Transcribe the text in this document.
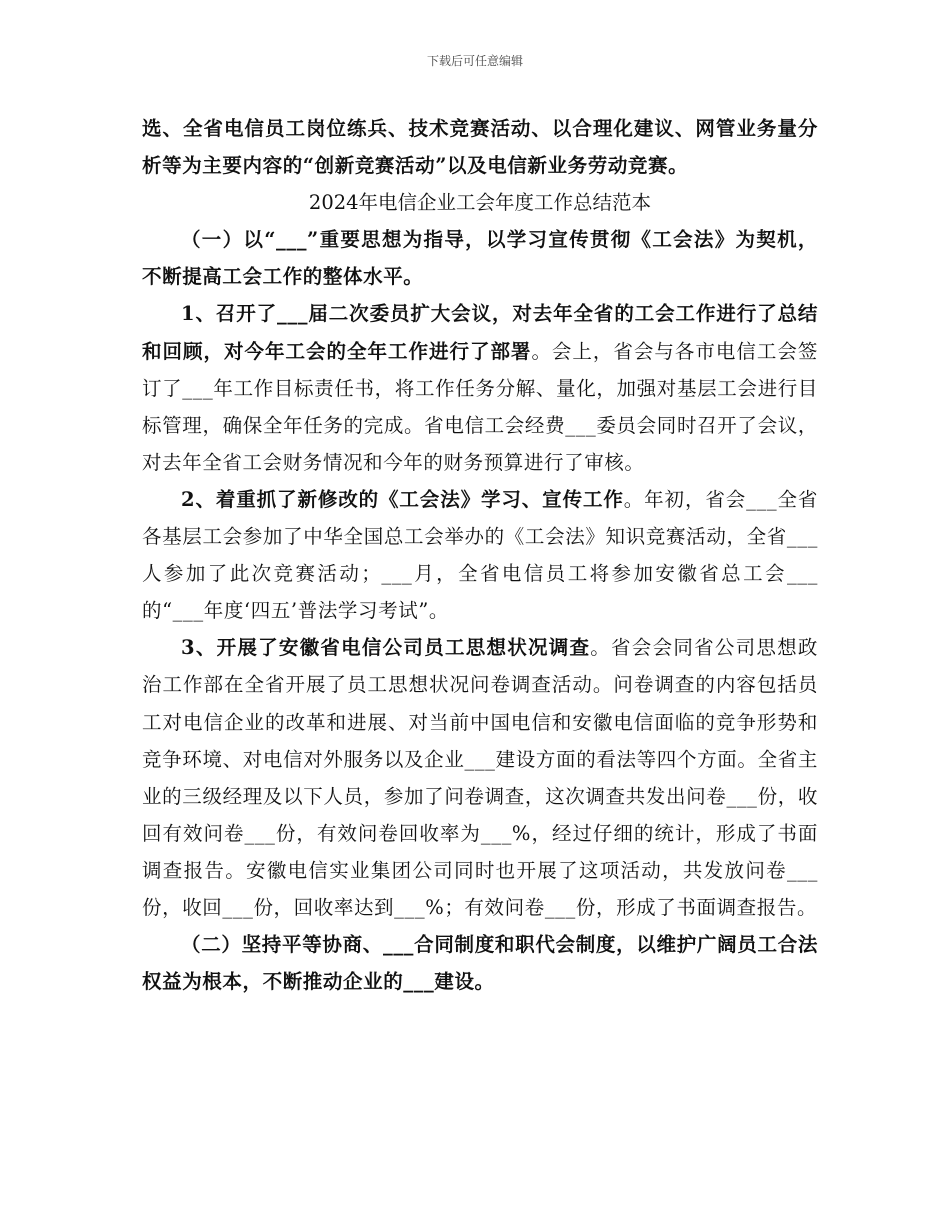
下载后可任意编辑

选、全省电信员工岗位练兵、技术竞赛活动、以合理化建议、网管业务量分析等为主要内容的“创新竞赛活动”以及电信新业务劳动竞赛。

2024年电信企业工会年度工作总结范本

（一）以“___”重要思想为指导，以学习宣传贯彻《工会法》为契机，不断提高工会工作的整体水平。

1、召开了___届二次委员扩大会议，对去年全省的工会工作进行了总结和回顾，对今年工会的全年工作进行了部署。会上，省会与各市电信工会签订了___年工作目标责任书，将工作任务分解、量化，加强对基层工会进行目标管理，确保全年任务的完成。省电信工会经费___委员会同时召开了会议，对去年全省工会财务情况和今年的财务预算进行了审核。

2、着重抓了新修改的《工会法》学习、宣传工作。年初，省会___全省各基层工会参加了中华全国总工会举办的《工会法》知识竞赛活动，全省___人参加了此次竞赛活动；___月，全省电信员工将参加安徽省总工会___的“___年度‘四五’普法学习考试”。

3、开展了安徽省电信公司员工思想状况调查。省会会同省公司思想政治工作部在全省开展了员工思想状况问卷调查活动。问卷调查的内容包括员工对电信企业的改革和进展、对当前中国电信和安徽电信面临的竞争形势和竞争环境、对电信对外服务以及企业___建设方面的看法等四个方面。全省主业的三级经理及以下人员，参加了问卷调查，这次调查共发出问卷___份，收回有效问卷___份，有效问卷回收率为___%，经过仔细的统计，形成了书面调查报告。安徽电信实业集团公司同时也开展了这项活动，共发放问卷___份，收回___份，回收率达到___%；有效问卷___份，形成了书面调查报告。

（二）坚持平等协商、___合同制度和职代会制度，以维护广阔员工合法权益为根本，不断推动企业的___建设。
